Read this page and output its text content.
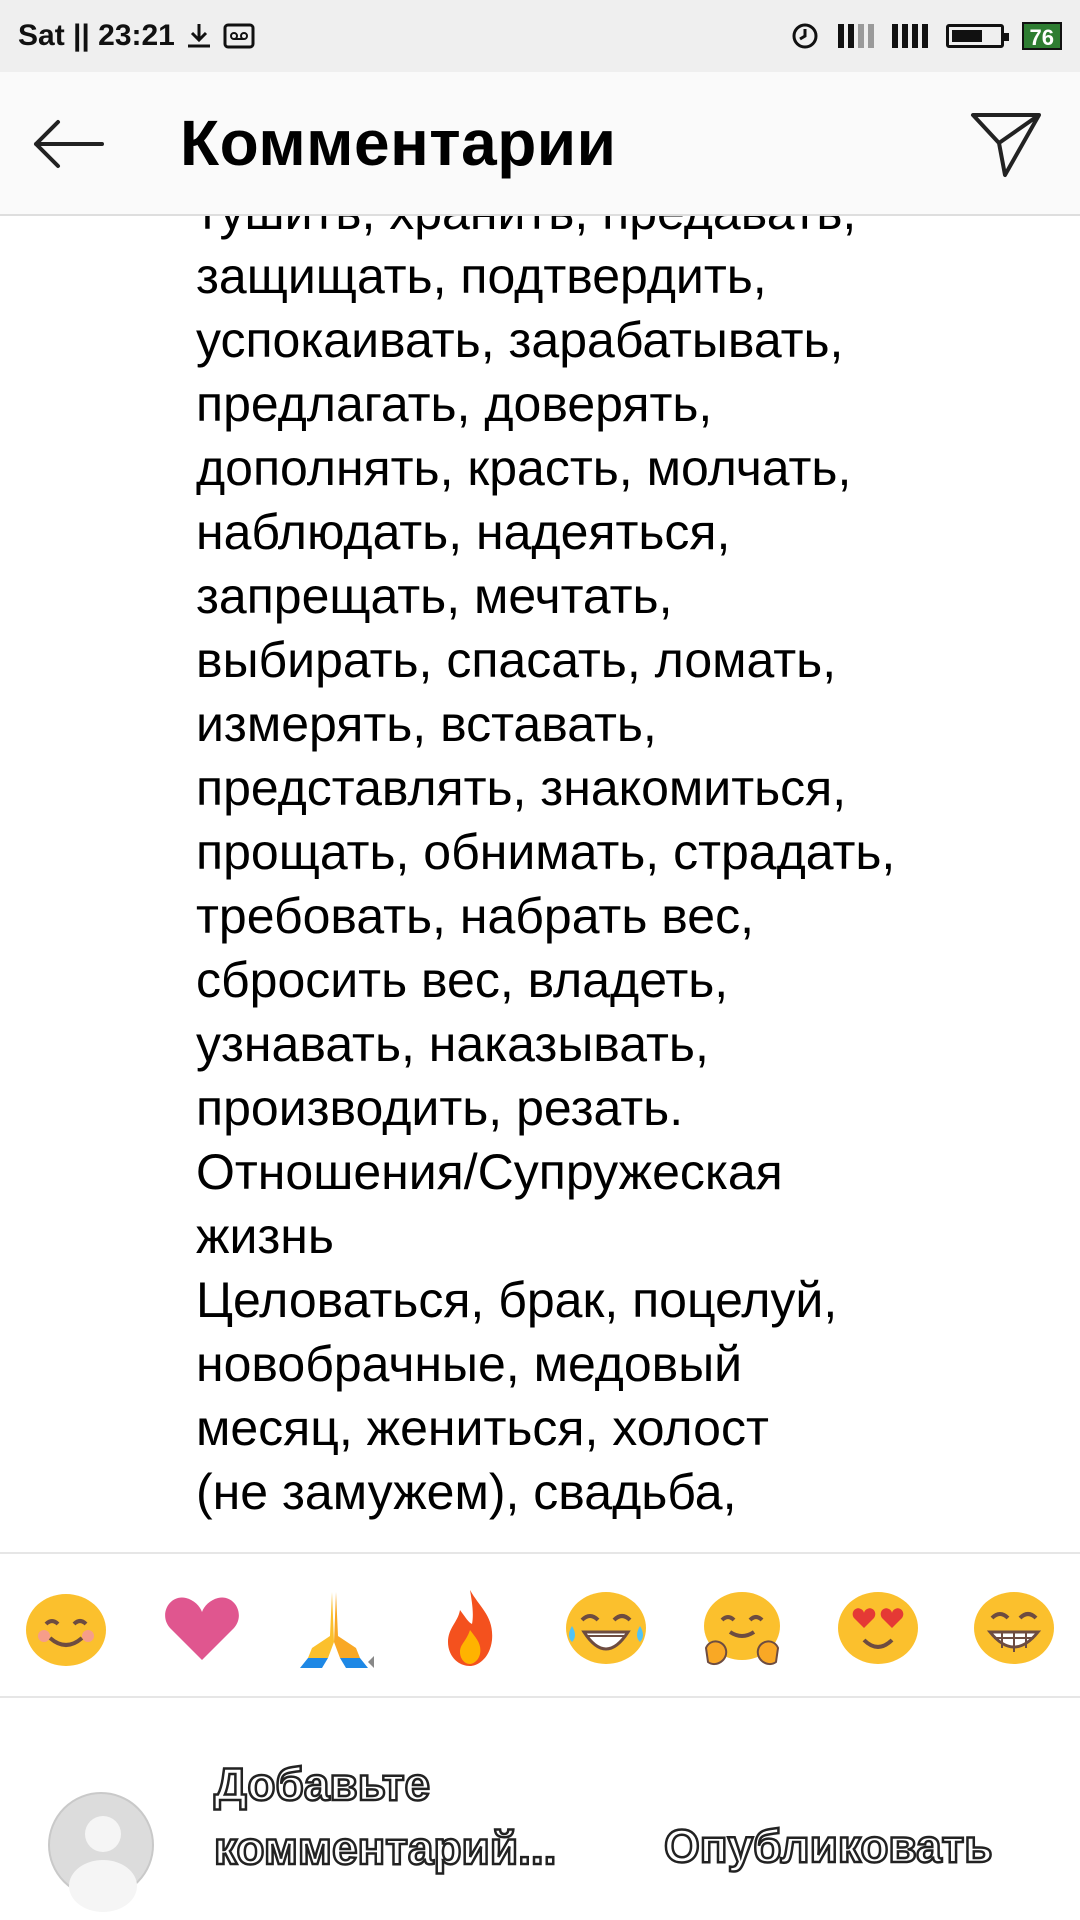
Sat || 23:21	76
Комментарии

защищать, подтвердить,
успокаивать, зарабатывать,
предлагать, доверять,
дополнять, красть, молчать,
наблюдать, надеяться,
запрещать, мечтать,
выбирать, спасать, ломать,
измерять, вставать,
представлять, знакомиться,
прощать, обнимать, страдать,
требовать, набрать вес,
сбросить вес, владеть,
узнавать, наказывать,
производить, резать.
Отношения/Супружеская
жизнь
Целоваться, брак, поцелуй,
новобрачные, медовый
месяц, жениться, холост
(не замужем), свадьба,
Добавьте
комментарий...	Опубликовать
